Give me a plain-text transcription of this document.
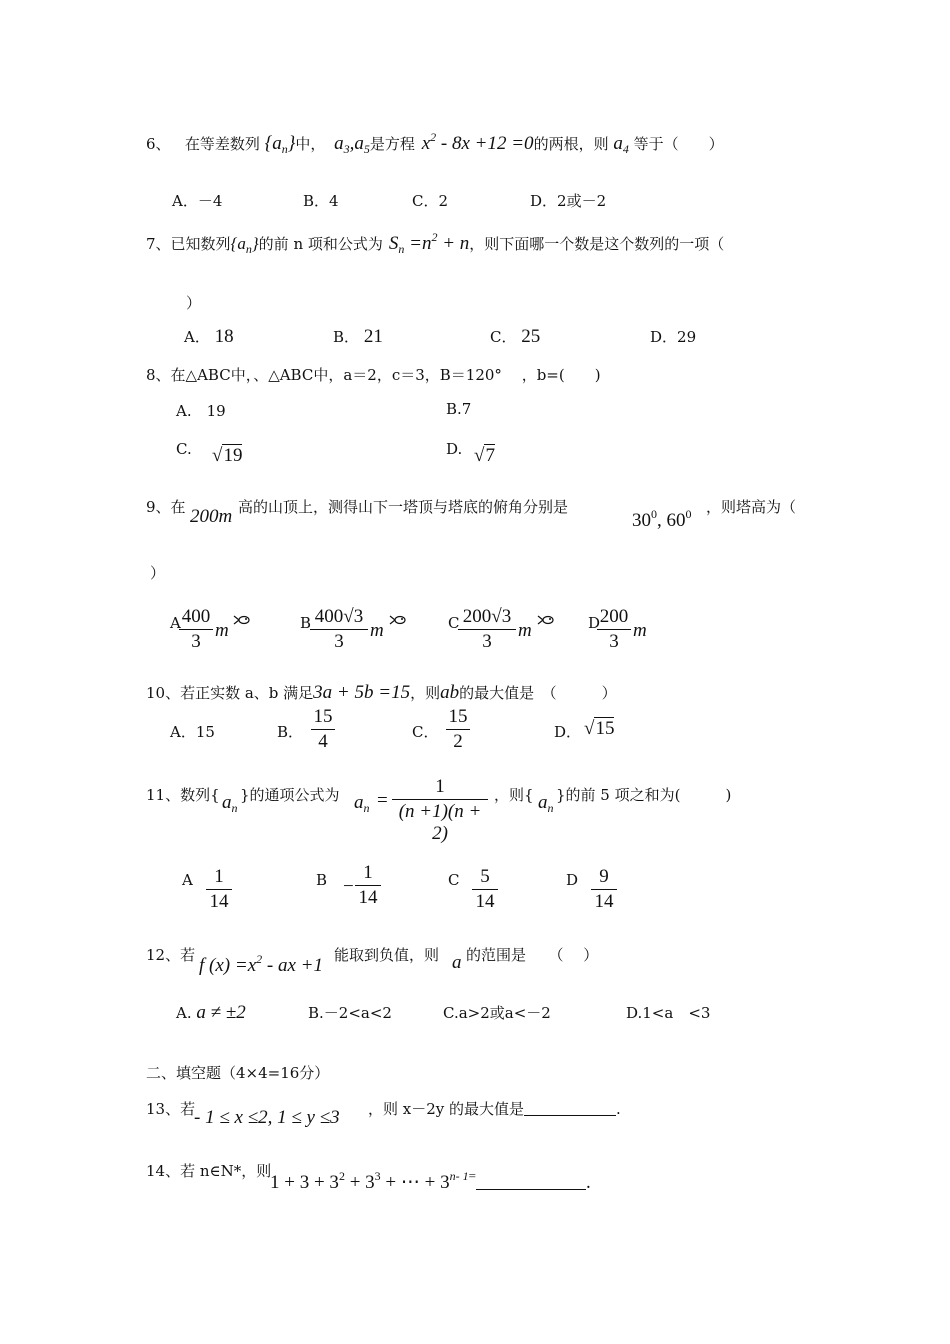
6、 在等差数列 $\{a_n\}$中， $a_3,a_5$是方程 $x^2 - 8x +12 =0$的两根，则 $a_4$ 等于（　　）
A．－4	B．4	C．2	D．2或－2
7、已知数列$\{a_n\}$的前 n 项和公式为 $S_n =n^2 + n$，则下面哪一个数是这个数列的一项（
）
A． 18	B． 21	C． 25	D．29
8、在△ABC中，、△ABC中，a＝2，c＝3，B＝120°　 ，b=(　　)
A.　19	B.7
C. √19	D. √7
9、在 200m 高的山顶上，测得山下一塔顶与塔底的俯角分别是
$30^0$, $60^0$ ，则塔高为（
）
A 400
3
m	B 400√3
3
m	C 200√3
3
m	D 200
3
m
10、若正实数 a、b 满足3a + 5b =15，则ab的最大值是　（　　　）
A．15	B．
15
4	C．
15
2	D． √15
11、数列{ $a_n$
}的通项公式为 $a_n$ =
1
(n +1)(n + 2)
，则{ $a_n$
}的前 5 项之和为(　　　)
A	1
14
B −
1
14
C	5
14
D	9
14
12、若 f $(x) =x^2$ - ax +1 能取到负值，则 a 的范围是　　（　 ）
A. a ≠ ±2	B.－2<a<2	C.a>2或a<－2	D.1<a　<3
二、填空题（4×4=16分）
13、若
- 1 ≤ x ≤2, 1 ≤ y ≤3 ，则 x－2y 的最大值是	.
14、若 n∈N*，则
$1 + 3 + 3^2 + 3^3$ + ⋯ + $3^{n- 1=}$	.
